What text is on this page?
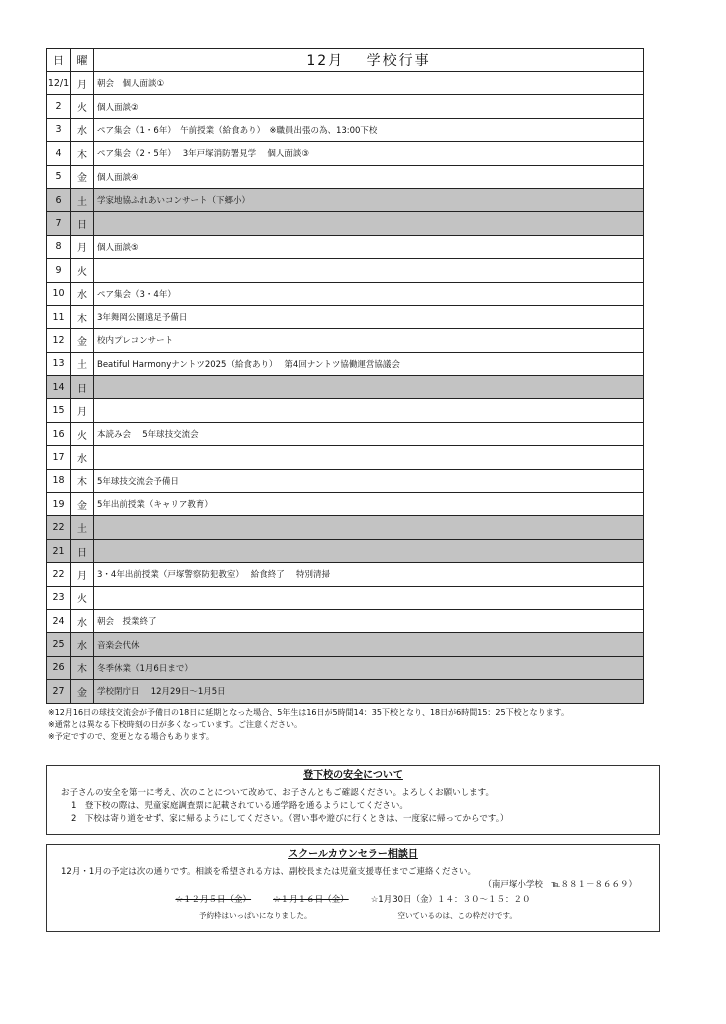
日	曜	12月　 学校行事
12/1	月	朝会　個人面談①
2	火	個人面談②
3	水	ペア集会（1・6年）　午前授業（給食あり）　※職員出張の為、13:00下校
4	木	ペア集会（2・5年）　 3年戸塚消防署見学　 個人面談③
5	金	個人面談④
6	土	学家地協ふれあいコンサート（下郷小）
7	日	
8	月	個人面談⑤
9	火	
10	水	ペア集会（3・4年）
11	木	3年舞岡公園遠足予備日
12	金	校内プレコンサート
13	土	Beatiful Harmonyナントツ2025（給食あり）　 第4回ナントツ協働運営協議会
14	日	
15	月	
16	火	本読み会　 5年球技交流会
17	水	
18	木	5年球技交流会予備日
19	金	5年出前授業（キャリア教育）
22	土	
21	日	
22	月	3・4年出前授業（戸塚警察防犯教室）　 給食終了　 特別清掃
23	火	
24	水	朝会　授業終了
25	水	音楽会代休
26	木	冬季休業（1月6日まで）
27	金	学校閉庁日　 12月29日～1月5日

※12月16日の球技交流会が予備日の18日に延期となった場合、5年生は16日が5時間14：35下校となり、18日が6時間15：25下校となります。

※通常とは異なる下校時刻の日が多くなっています。ご注意ください。

※予定ですので、変更となる場合もあります。

登下校の安全について

お子さんの安全を第一に考え、次のことについて改めて、お子さんともご確認ください。よろしくお願いします。

1　登下校の際は、児童家庭調査票に記載されている通学路を通るようにしてください。

2　下校は寄り道をせず、家に帰るようにしてください。（習い事や遊びに行くときは、一度家に帰ってからです。）

スクールカウンセラー相談日

12月・1月の予定は次の通りです。相談を希望される方は、副校長または児童支援専任までご連絡ください。

（南戸塚小学校　℡８８１－８６６９）

☆１２月５日（金）	☆１月１６日（金）	☆1月30日（金）１４：３０～１５：２０
予約枠はいっぱいになりました。	空いているのは、この枠だけです。
